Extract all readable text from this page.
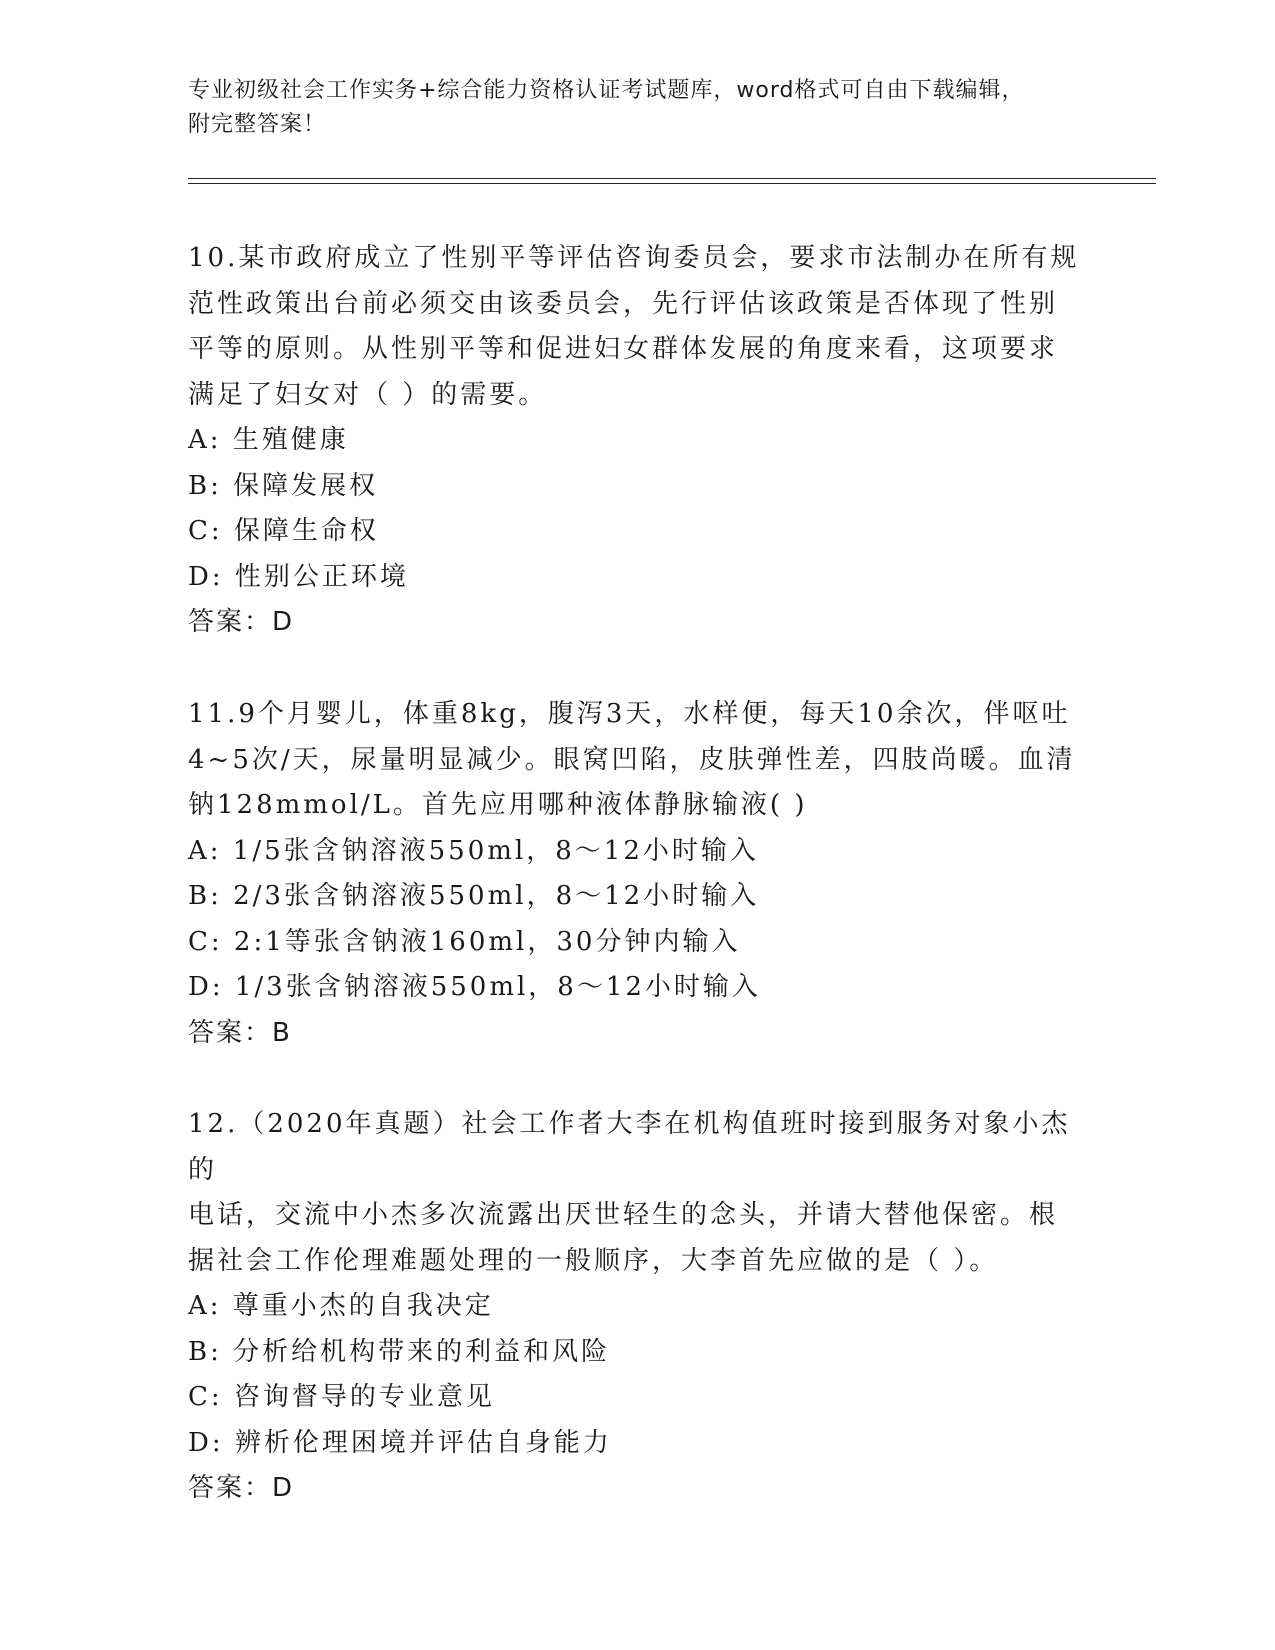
专业初级社会工作实务+综合能力资格认证考试题库，word格式可自由下载编辑，
附完整答案！

10.某市政府成立了性别平等评估咨询委员会，要求市法制办在所有规

范性政策出台前必须交由该委员会，先行评估该政策是否体现了性别

平等的原则。从性别平等和促进妇女群体发展的角度来看，这项要求

满足了妇女对（ ）的需要。

A: 生殖健康

B: 保障发展权

C: 保障生命权

D: 性别公正环境

答案：D

11.9个月婴儿，体重8kg，腹泻3天，水样便，每天10余次，伴呕吐

4~5次/天，尿量明显减少。眼窝凹陷，皮肤弹性差，四肢尚暖。血清

钠128mmol/L。首先应用哪种液体静脉输液( )

A: 1/5张含钠溶液550ml，8～12小时输入

B: 2/3张含钠溶液550ml，8～12小时输入

C: 2:1等张含钠液160ml，30分钟内输入

D: 1/3张含钠溶液550ml，8～12小时输入

答案：B

12.（2020年真题）社会工作者大李在机构值班时接到服务对象小杰的

电话，交流中小杰多次流露出厌世轻生的念头，并请大替他保密。根

据社会工作伦理难题处理的一般顺序，大李首先应做的是（ ）。

A: 尊重小杰的自我决定

B: 分析给机构带来的利益和风险

C: 咨询督导的专业意见

D: 辨析伦理困境并评估自身能力

答案：D
